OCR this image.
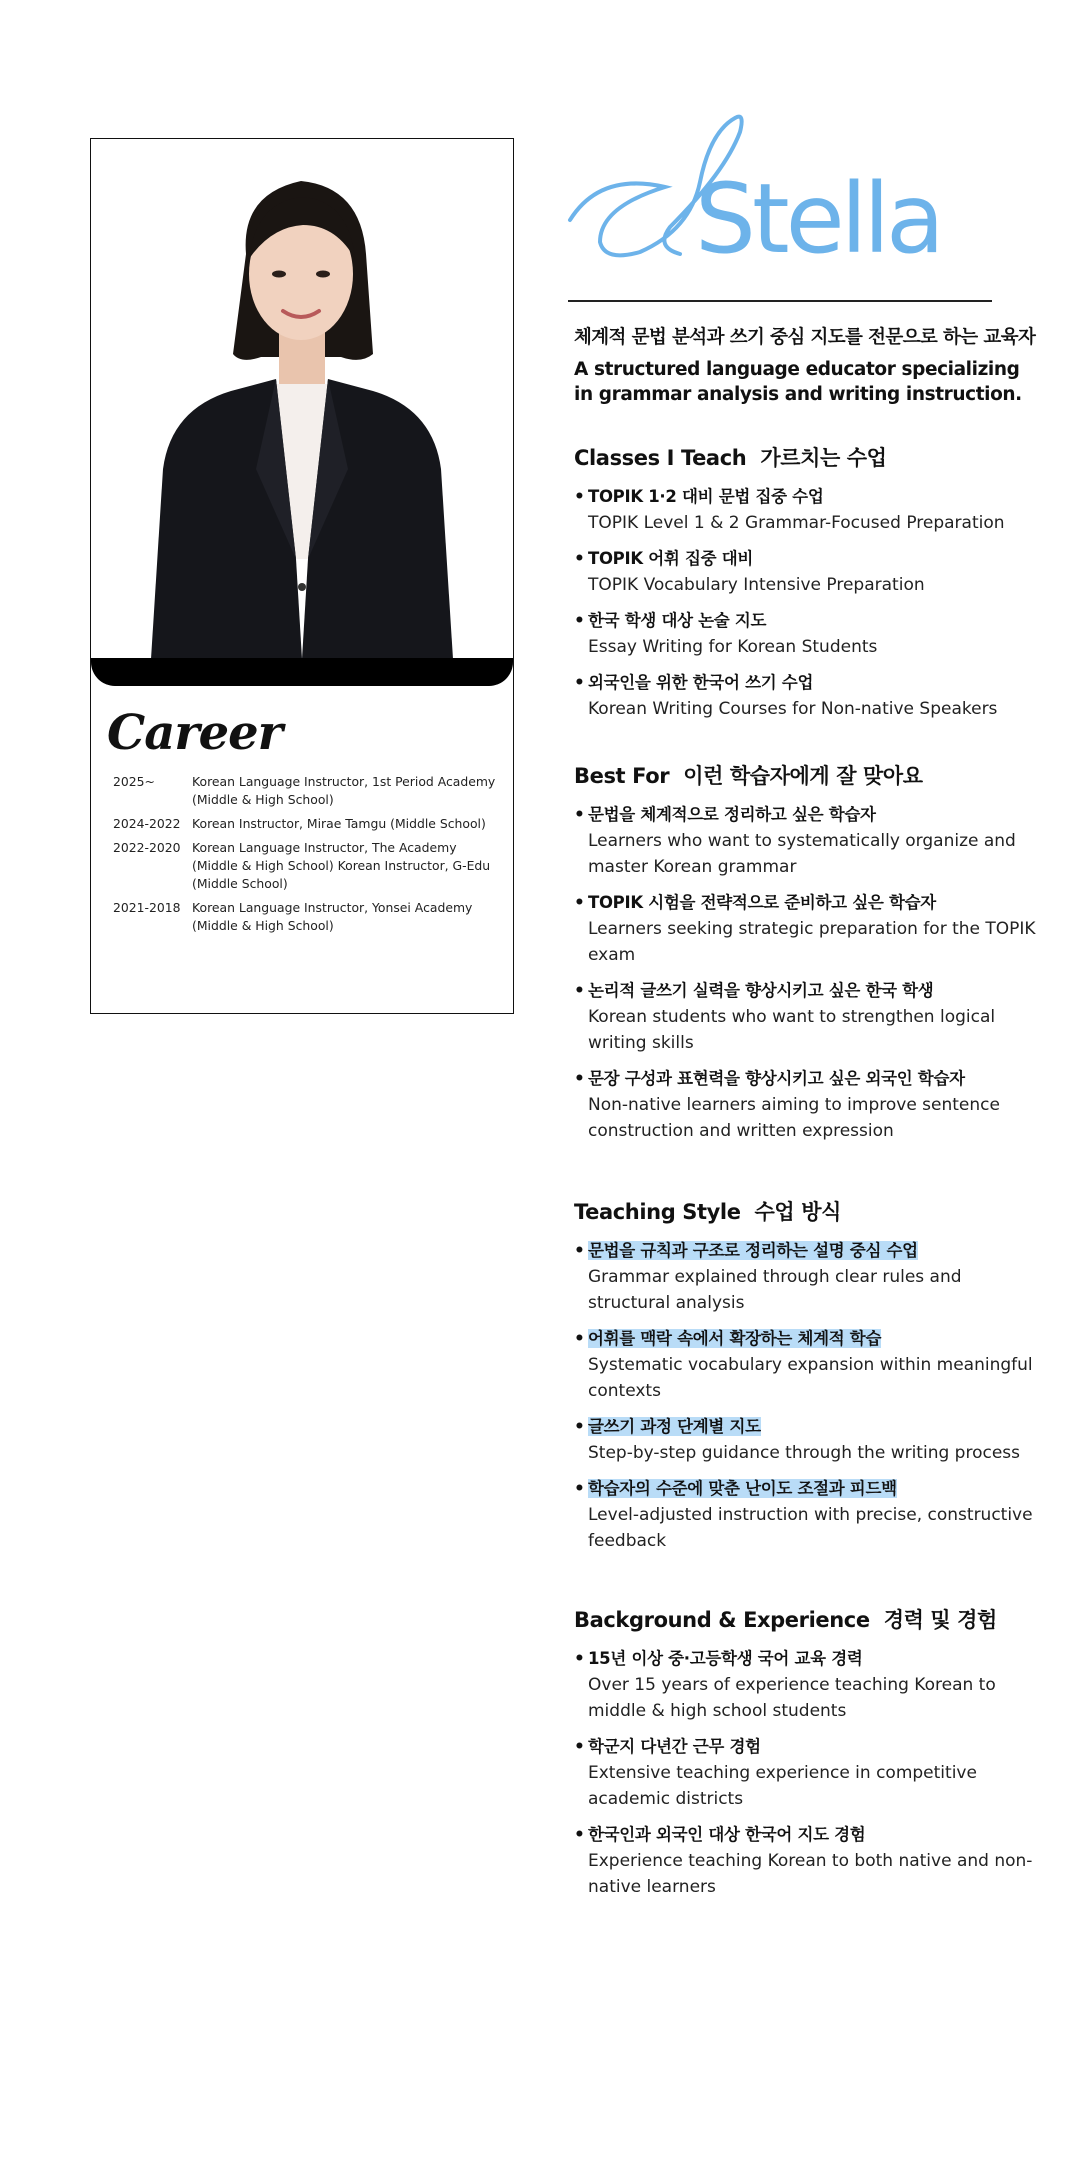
Career
2025~	Korean Language Instructor, 1st Period Academy (Middle & High School)
2024-2022 Korean Instructor, Mirae Tamgu (Middle School)
2022-2020 Korean Language Instructor, The Academy (Middle & High School) Korean Instructor, G-Edu (Middle School)
2021-2018 Korean Language Instructor, Yonsei Academy (Middle & High School)
Stella

체계적 문법 분석과 쓰기 중심 지도를 전문으로 하는 교육자

A structured language educator specializing in grammar analysis and writing instruction.

Classes I Teach 가르치는 수업
• TOPIK 1·2 대비 문법 집중 수업
TOPIK Level 1 & 2 Grammar-Focused Preparation
• TOPIK 어휘 집중 대비
TOPIK Vocabulary Intensive Preparation
• 한국 학생 대상 논술 지도
Essay Writing for Korean Students
• 외국인을 위한 한국어 쓰기 수업
Korean Writing Courses for Non-native Speakers
Best For 이런 학습자에게 잘 맞아요
• 문법을 체계적으로 정리하고 싶은 학습자
Learners who want to systematically organize and master Korean grammar
• TOPIK 시험을 전략적으로 준비하고 싶은 학습자
Learners seeking strategic preparation for the TOPIK exam
• 논리적 글쓰기 실력을 향상시키고 싶은 한국 학생
Korean students who want to strengthen logical writing skills
• 문장 구성과 표현력을 향상시키고 싶은 외국인 학습자
Non-native learners aiming to improve sentence construction and written expression
Teaching Style 수업 방식
• 문법을 규칙과 구조로 정리하는 설명 중심 수업
Grammar explained through clear rules and structural analysis
• 어휘를 맥락 속에서 확장하는 체계적 학습
Systematic vocabulary expansion within meaningful contexts
• 글쓰기 과정 단계별 지도
Step-by-step guidance through the writing process
• 학습자의 수준에 맞춘 난이도 조절과 피드백
Level-adjusted instruction with precise, constructive feedback
Background & Experience 경력 및 경험
• 15년 이상 중·고등학생 국어 교육 경력
Over 15 years of experience teaching Korean to middle & high school students
• 학군지 다년간 근무 경험
Extensive teaching experience in competitive academic districts
• 한국인과 외국인 대상 한국어 지도 경험
Experience teaching Korean to both native and non-native learners
